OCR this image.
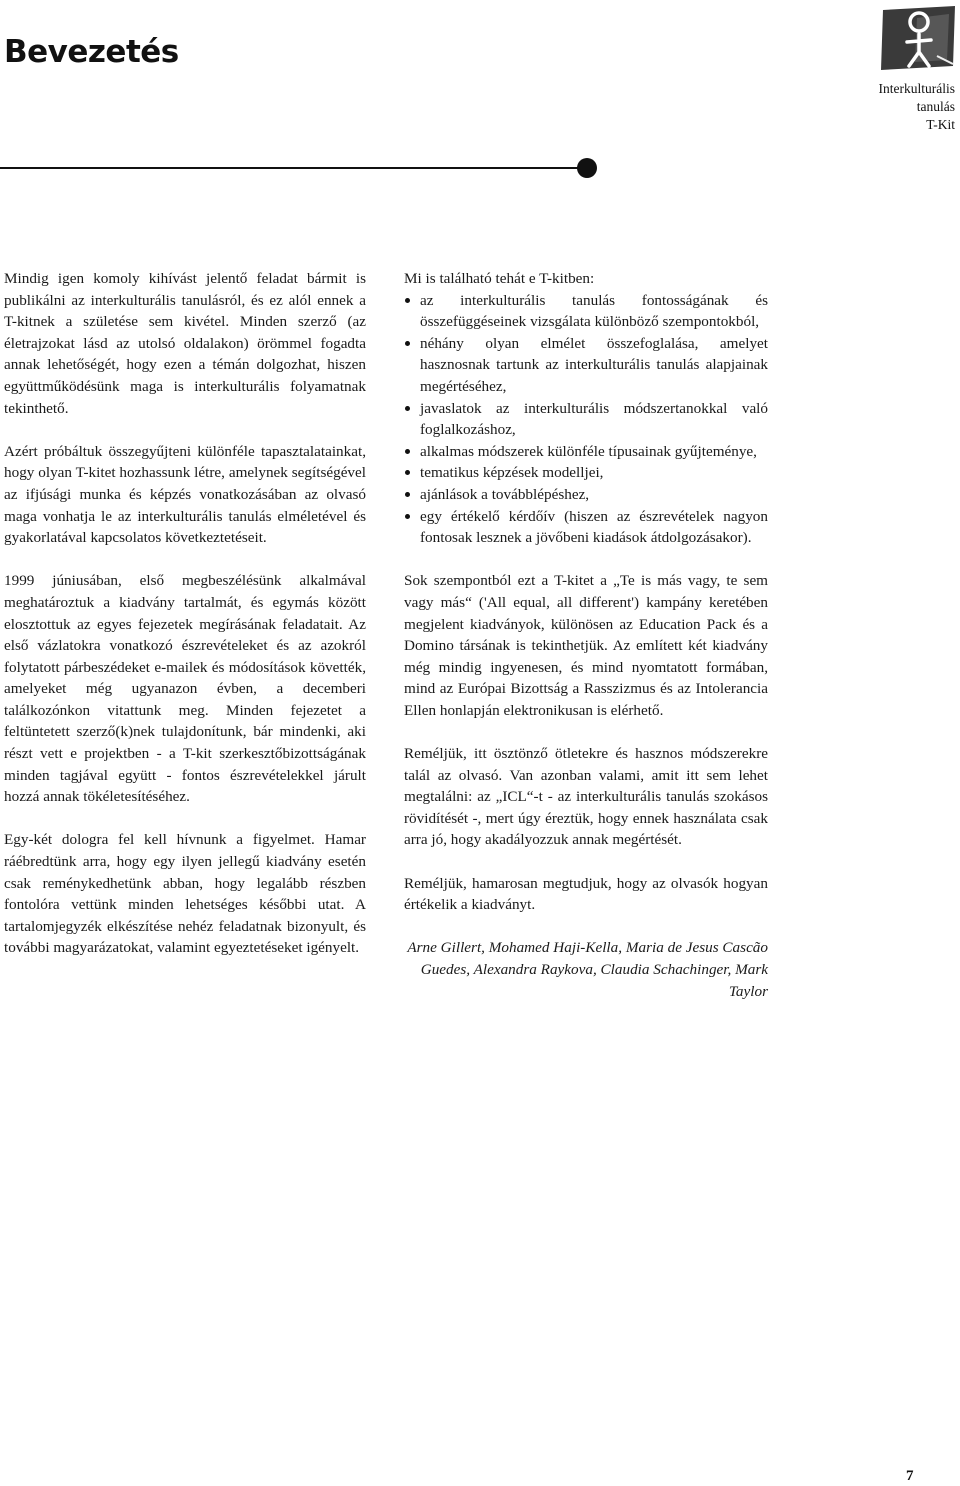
Bevezetés
Interkulturális
tanulás
T-Kit

Mindig igen komoly kihívást jelentő feladat bármit is publikálni az interkulturális tanulásról, és ez alól ennek a T-kitnek a születése sem kivétel. Minden szerző (az életrajzokat lásd az utolsó oldalakon) örömmel fogadta annak lehetőségét, hogy ezen a témán dolgozhat, hiszen együttműködésünk maga is interkulturális folyamatnak tekinthető.

Azért próbáltuk összegyűjteni különféle tapasztalatainkat, hogy olyan T-kitet hozhassunk létre, amelynek segítségével az ifjúsági munka és képzés vonatkozásában az olvasó maga vonhatja le az interkulturális tanulás elméletével és gyakorlatával kapcsolatos következtetéseit.

1999 júniusában, első megbeszélésünk alkalmával meghatároztuk a kiadvány tartalmát, és egymás között elosztottuk az egyes fejezetek megírásának feladatait. Az első vázlatokra vonatkozó észrevételeket és az azokról folytatott párbeszédeket e-mailek és módosítások követték, amelyeket még ugyanazon évben, a decemberi találkozónkon vitattunk meg. Minden fejezetet a feltüntetett szerző(k)nek tulajdonítunk, bár mindenki, aki részt vett e projektben - a T-kit szerkesztőbizottságának minden tagjával együtt - fontos észrevételekkel járult hozzá annak tökéletesítéséhez.

Egy-két dologra fel kell hívnunk a figyelmet. Hamar ráébredtünk arra, hogy egy ilyen jellegű kiadvány esetén csak reménykedhetünk abban, hogy legalább részben fontolóra vettünk minden lehetséges későbbi utat. A tartalomjegyzék elkészítése nehéz feladatnak bizonyult, és további magyarázatokat, valamint egyeztetéseket igényelt.

Mi is található tehát e T-kitben:

az interkulturális tanulás fontosságának és összefüggéseinek vizsgálata különböző szempontokból,
néhány olyan elmélet összefoglalása, amelyet hasznosnak tartunk az interkulturális tanulás alapjainak megértéséhez,
javaslatok az interkulturális módszertanokkal való foglalkozáshoz,
alkalmas módszerek különféle típusainak gyűjteménye,
tematikus képzések modelljei,
ajánlások a továbblépéshez,
egy értékelő kérdőív (hiszen az észrevételek nagyon fontosak lesznek a jövőbeni kiadások átdolgozásakor).

Sok szempontból ezt a T-kitet a „Te is más vagy, te sem vagy más“ ('All equal, all different') kampány keretében megjelent kiadványok, különösen az Education Pack és a Domino társának is tekinthetjük. Az említett két kiadvány még mindig ingyenesen, és mind nyomtatott formában, mind az Európai Bizottság a Rasszizmus és az Intolerancia Ellen honlapján elektronikusan is elérhető.

Reméljük, itt ösztönző ötletekre és hasznos módszerekre talál az olvasó. Van azonban valami, amit itt sem lehet megtalálni: az „ICL“-t - az interkulturális tanulás szokásos rövidítését -, mert úgy éreztük, hogy ennek használata csak arra jó, hogy akadályozzuk annak megértését.

Reméljük, hamarosan megtudjuk, hogy az olvasók hogyan értékelik a kiadványt.

Arne Gillert, Mohamed Haji-Kella, Maria de Jesus Cascão Guedes, Alexandra Raykova, Claudia Schachinger, Mark Taylor

7
